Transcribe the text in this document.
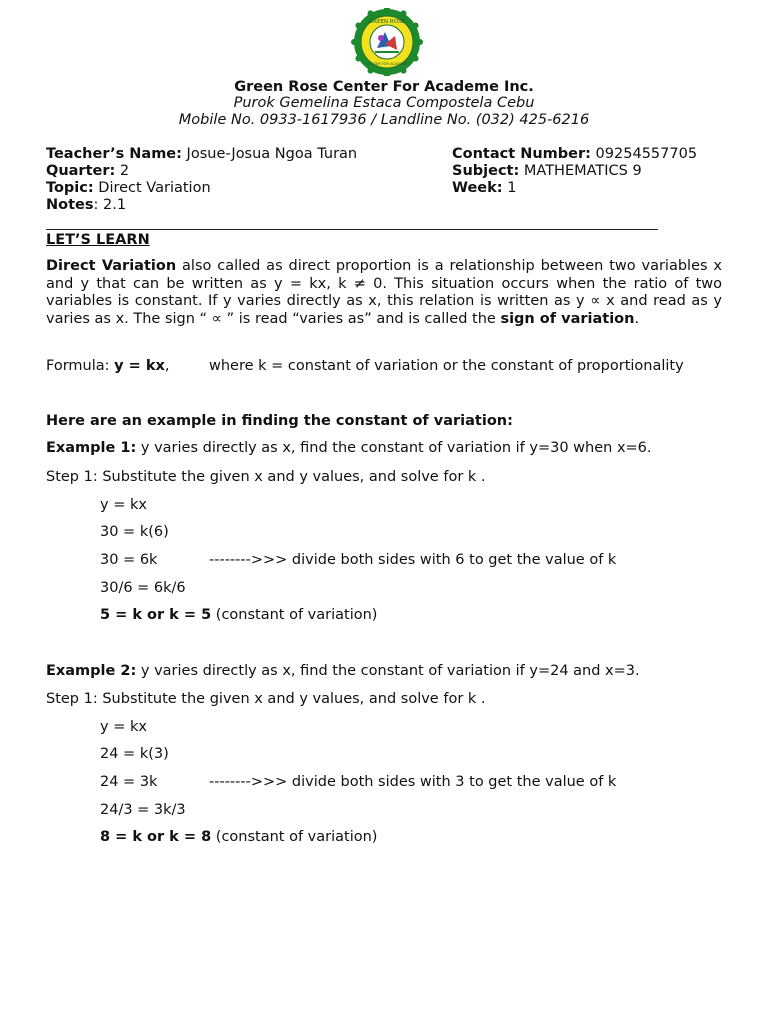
GREEN ROSE
CENTER FOR ACADEME
Green Rose Center For Academe Inc.
Purok Gemelina Estaca Compostela Cebu
Mobile No. 0933-1617936 / Landline No. (032) 425-6216
Teacher’s Name: Josue-Josua Ngoa Turan
Quarter: 2
Topic: Direct Variation
Notes: 2.1
Contact Number: 09254557705
Subject: MATHEMATICS 9
Week: 1
LET’S LEARN
Direct Variation also called as direct proportion is a relationship between two variables x and y that can be written as y = kx, k ≠ 0. This situation occurs when the ratio of two variables is constant. If y varies directly as x, this relation is written as y ∝ x and read as y varies as x. The sign “ ∝ ” is read “varies as” and is called the sign of variation.
Formula: y = kx,	where k = constant of variation or the constant of proportionality
Here are an example in finding the constant of variation:
Example 1: y varies directly as x, find the constant of variation if y=30 when x=6.
Step 1: Substitute the given x and y values, and solve for k .
y = kx
30 = k(6)
30 = 6k	-------->>> divide both sides with 6 to get the value of k
30/6 = 6k/6
5 = k or k = 5 (constant of variation)
Example 2: y varies directly as x, find the constant of variation if y=24 and x=3.
Step 1: Substitute the given x and y values, and solve for k .
y = kx
24 = k(3)
24 = 3k	-------->>> divide both sides with 3 to get the value of k
24/3 = 3k/3
8 = k or k = 8 (constant of variation)
